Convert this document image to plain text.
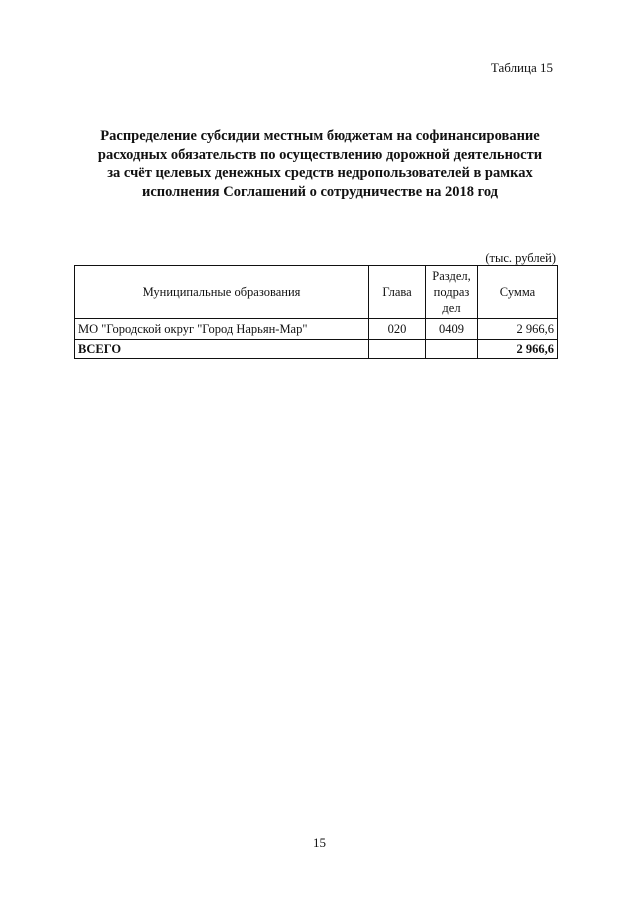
Таблица 15
Распределение субсидии местным бюджетам на софинансирование
расходных обязательств по осуществлению дорожной деятельности
за счёт целевых денежных средств недропользователей в рамках
исполнения Соглашений о сотрудничестве на 2018 год
(тыс. рублей)
Муниципальные образования	Глава	Раздел,
подраз
дел	Сумма
МО "Городской округ "Город Нарьян-Мар"	020	0409	2 966,6
ВСЕГО			2 966,6
15
